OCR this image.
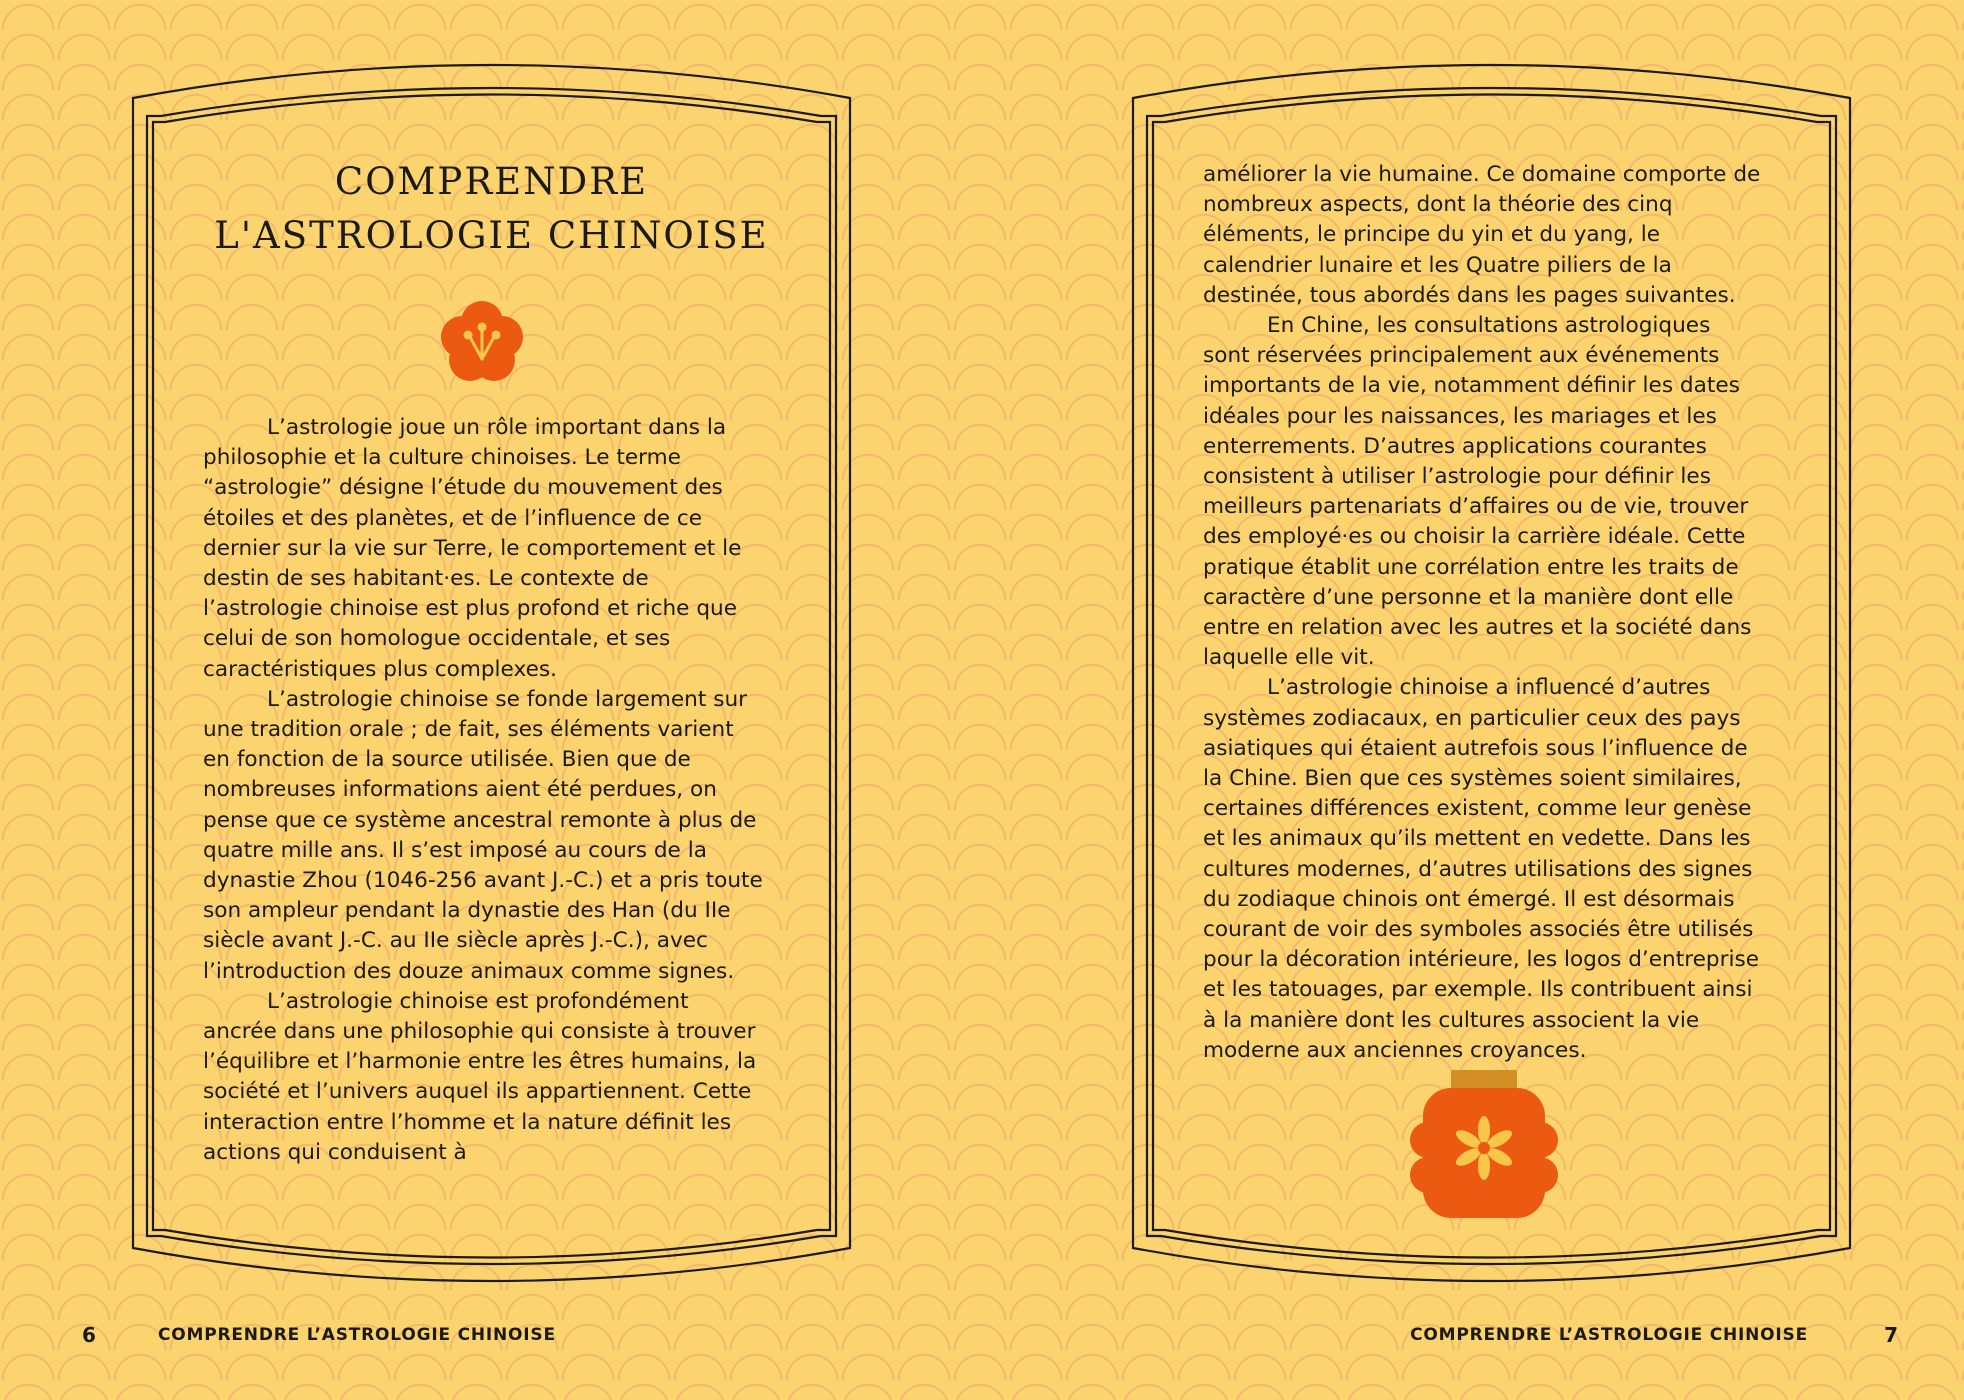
COMPRENDRE
L'ASTROLOGIE CHINOISE

L’astrologie joue un rôle important dans la philosophie et la culture chinoises. Le terme “astrologie” désigne l’étude du mouvement des étoiles et des planètes, et de l’influence de ce dernier sur la vie sur Terre, le comportement et le destin de ses habitant·es. Le contexte de l’astrologie chinoise est plus profond et riche que celui de son homologue occidentale, et ses caractéristiques plus complexes.

L’astrologie chinoise se fonde largement sur une tradition orale ; de fait, ses éléments varient en fonction de la source utilisée. Bien que de nombreuses informations aient été perdues, on pense que ce système ancestral remonte à plus de quatre mille ans. Il s’est imposé au cours de la dynastie Zhou (1046-256 avant J.-C.) et a pris toute son ampleur pendant la dynastie des Han (du IIe siècle avant J.-C. au IIe siècle après J.-C.), avec l’introduction des douze animaux comme signes.

L’astrologie chinoise est profondément ancrée dans une philosophie qui consiste à trouver l’équilibre et l’harmonie entre les êtres humains, la société et l’univers auquel ils appartiennent. Cette interaction entre l’homme et la nature définit les actions qui conduisent à

améliorer la vie humaine. Ce domaine comporte de nombreux aspects, dont la théorie des cinq éléments, le principe du yin et du yang, le calendrier lunaire et les Quatre piliers de la destinée, tous abordés dans les pages suivantes.

En Chine, les consultations astrologiques sont réservées principalement aux événements importants de la vie, notamment définir les dates idéales pour les naissances, les mariages et les enterrements. D’autres applications courantes consistent à utiliser l’astrologie pour définir les meilleurs partenariats d’affaires ou de vie, trouver des employé·es ou choisir la carrière idéale. Cette pratique établit une corrélation entre les traits de caractère d’une personne et la manière dont elle entre en relation avec les autres et la société dans laquelle elle vit.

L’astrologie chinoise a influencé d’autres systèmes zodiacaux, en particulier ceux des pays asiatiques qui étaient autrefois sous l’influence de la Chine. Bien que ces systèmes soient similaires, certaines différences existent, comme leur genèse et les animaux qu’ils mettent en vedette. Dans les cultures modernes, d’autres utilisations des signes du zodiaque chinois ont émergé. Il est désormais courant de voir des symboles associés être utilisés pour la décoration intérieure, les logos d’entreprise et les tatouages, par exemple. Ils contribuent ainsi à la manière dont les cultures associent la vie moderne aux anciennes croyances.

6	COMPRENDRE L’ASTROLOGIE CHINOISE	COMPRENDRE L’ASTROLOGIE CHINOISE	7
